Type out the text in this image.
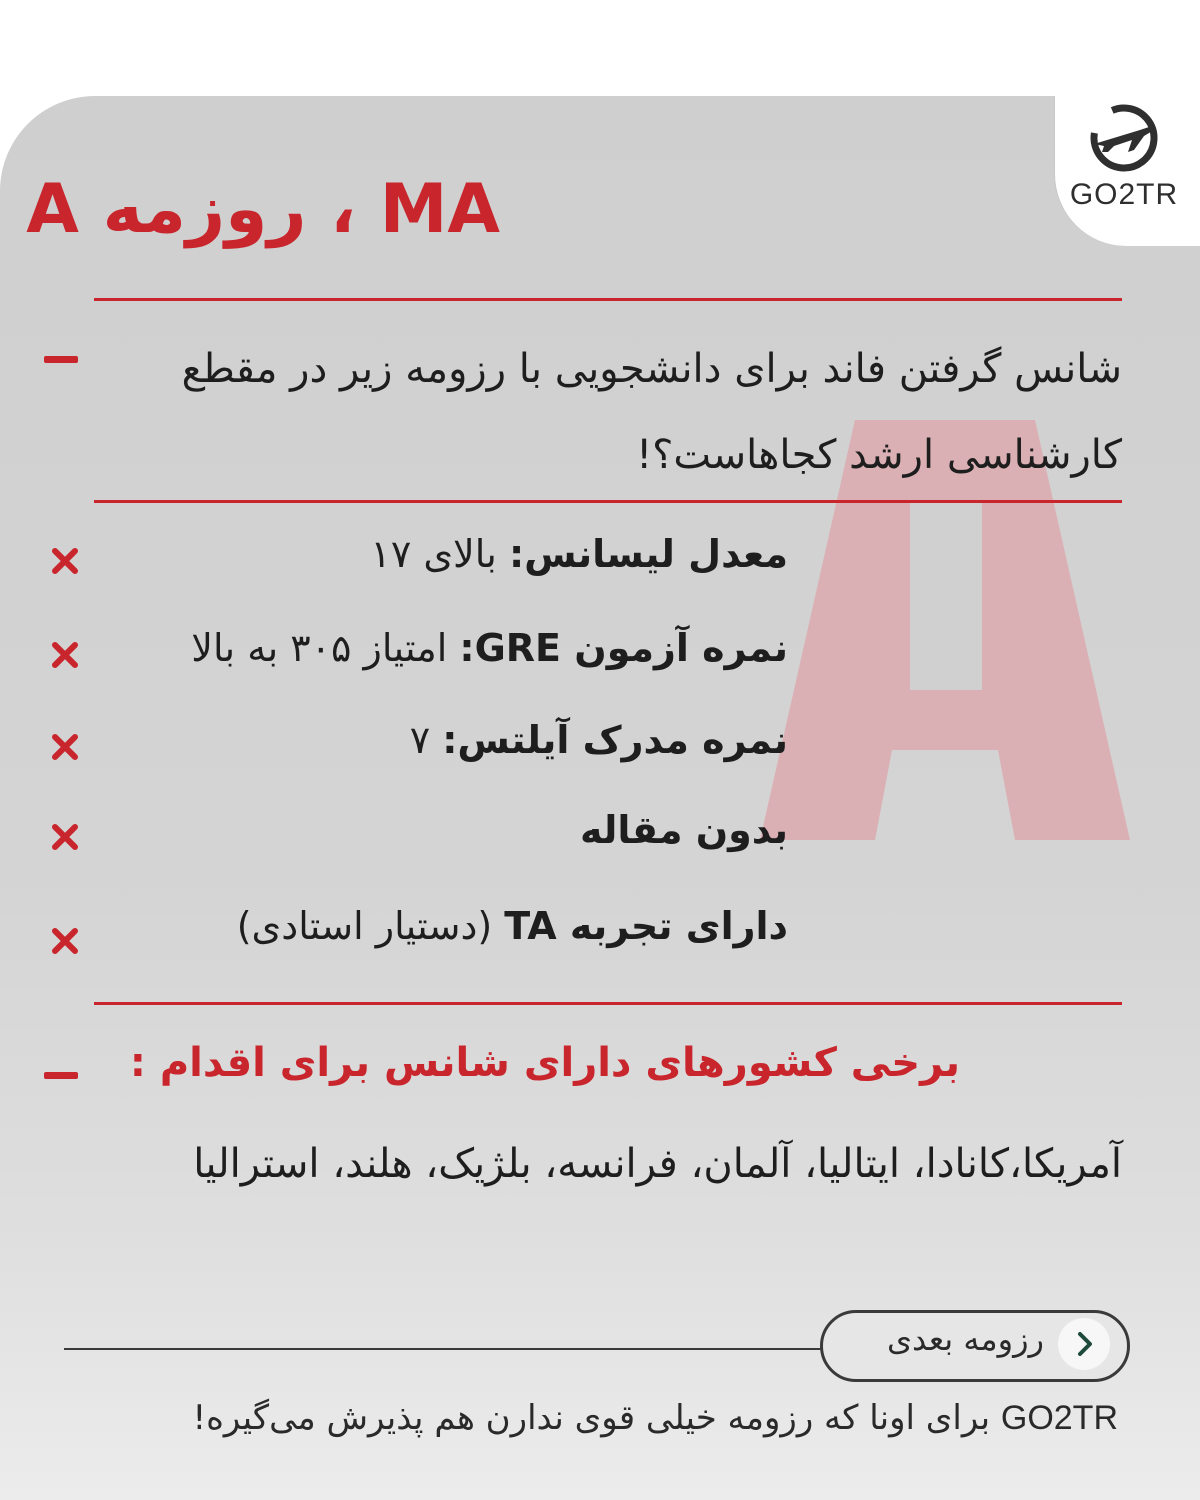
GO2TR
MA ، روزمه A
شانس گرفتن فاند برای دانشجویی با رزومه زیر در مقطع کارشناسی ارشد کجاهاست؟!
معدل لیسانس: بالای ۱۷
نمره آزمون GRE: امتیاز ۳۰۵ به بالا
نمره مدرک آیلتس: ۷
بدون مقاله
دارای تجربه TA (دستیار استادی)
برخی کشورهای دارای شانس برای اقدام :
آمریکا،کانادا، ایتالیا، آلمان، فرانسه، بلژیک، هلند، استرالیا
رزومه بعدی
GO2TR برای اونا که رزومه خیلی قوی ندارن هم پذیرش می‌گیره!
